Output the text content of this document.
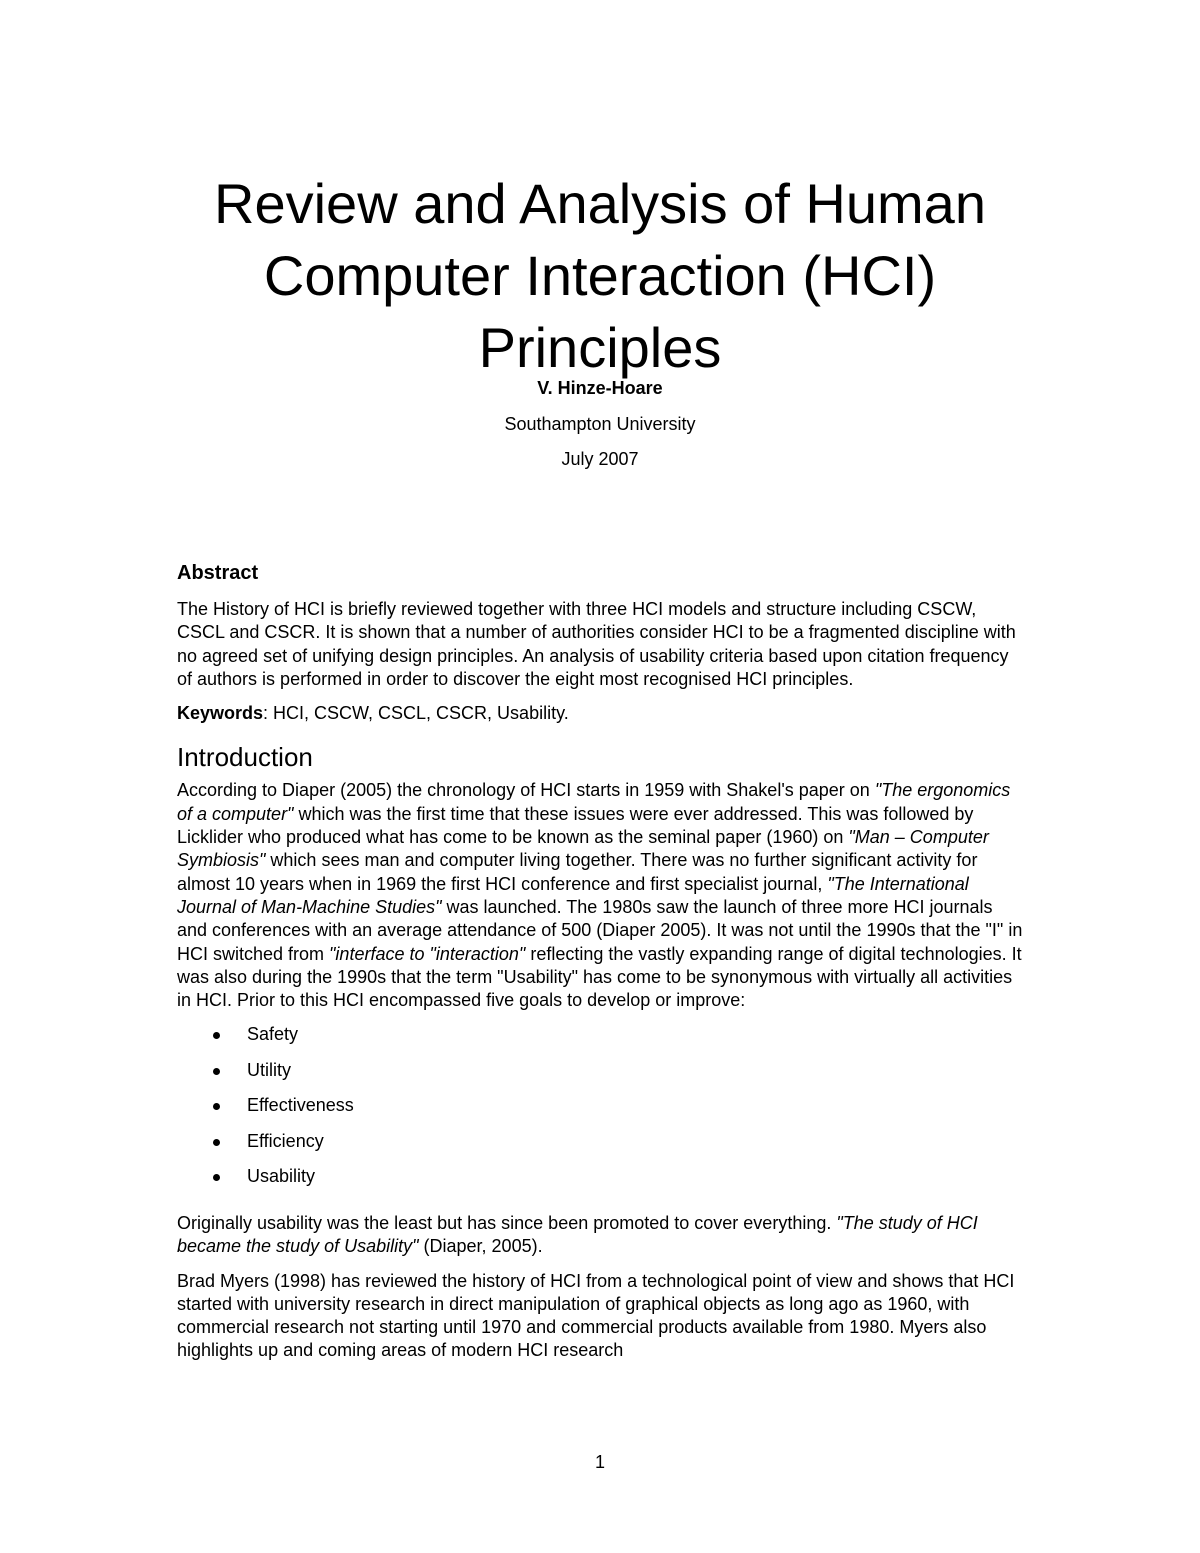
Review and Analysis of Human
Computer Interaction (HCI)
Principles
V. Hinze-Hoare
Southampton University
July 2007
Abstract

The History of HCI is briefly reviewed together with three HCI models and structure including CSCW, CSCL and CSCR. It is shown that a number of authorities consider HCI to be a fragmented discipline with no agreed set of unifying design principles. An analysis of usability criteria based upon citation frequency of authors is performed in order to discover the eight most recognised HCI principles.

Keywords: HCI, CSCW, CSCL, CSCR, Usability.

Introduction

According to Diaper (2005) the chronology of HCI starts in 1959 with Shakel's paper on "The ergonomics of a computer" which was the first time that these issues were ever addressed. This was followed by Licklider who produced what has come to be known as the seminal paper (1960) on "Man – Computer Symbiosis" which sees man and computer living together. There was no further significant activity for almost 10 years when in 1969 the first HCI conference and first specialist journal, "The International Journal of Man-Machine Studies" was launched. The 1980s saw the launch of three more HCI journals and conferences with an average attendance of 500 (Diaper 2005). It was not until the 1990s that the "I" in HCI switched from "interface to "interaction" reflecting the vastly expanding range of digital technologies. It was also during the 1990s that the term "Usability" has come to be synonymous with virtually all activities in HCI. Prior to this HCI encompassed five goals to develop or improve:

Safety
Utility
Effectiveness
Efficiency
Usability

Originally usability was the least but has since been promoted to cover everything. "The study of HCI became the study of Usability" (Diaper, 2005).

Brad Myers (1998) has reviewed the history of HCI from a technological point of view and shows that HCI started with university research in direct manipulation of graphical objects as long ago as 1960, with commercial research not starting until 1970 and commercial products available from 1980. Myers also highlights up and coming areas of modern HCI research

1
